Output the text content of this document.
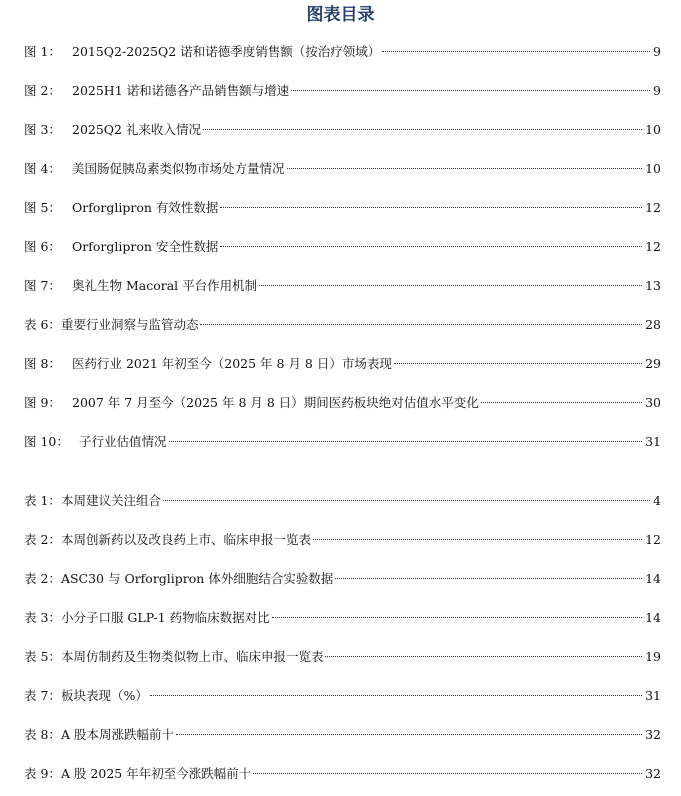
图表目录
图 1： 2015Q2-2025Q2 诺和诺德季度销售额（按治疗领域）	9
图 2： 2025H1 诺和诺德各产品销售额与增速	9
图 3： 2025Q2 礼来收入情况	10
图 4： 美国肠促胰岛素类似物市场处方量情况	10
图 5： Orforglipron 有效性数据	12
图 6： Orforglipron 安全性数据	12
图 7： 奥礼生物 Macoral 平台作用机制	13
表 6： 重要行业洞察与监管动态	28
图 8： 医药行业 2021 年初至今（2025 年 8 月 8 日）市场表现	29
图 9： 2007 年 7 月至今（2025 年 8 月 8 日）期间医药板块绝对估值水平变化	30
图 10： 子行业估值情况	31
表 1： 本周建议关注组合	4
表 2： 本周创新药以及改良药上市、临床申报一览表	12
表 2： ASC30 与 Orforglipron 体外细胞结合实验数据	14
表 3： 小分子口服 GLP-1 药物临床数据对比	14
表 5： 本周仿制药及生物类似物上市、临床申报一览表	19
表 7： 板块表现（%）	31
表 8： A 股本周涨跌幅前十	32
表 9： A 股 2025 年年初至今涨跌幅前十	32
